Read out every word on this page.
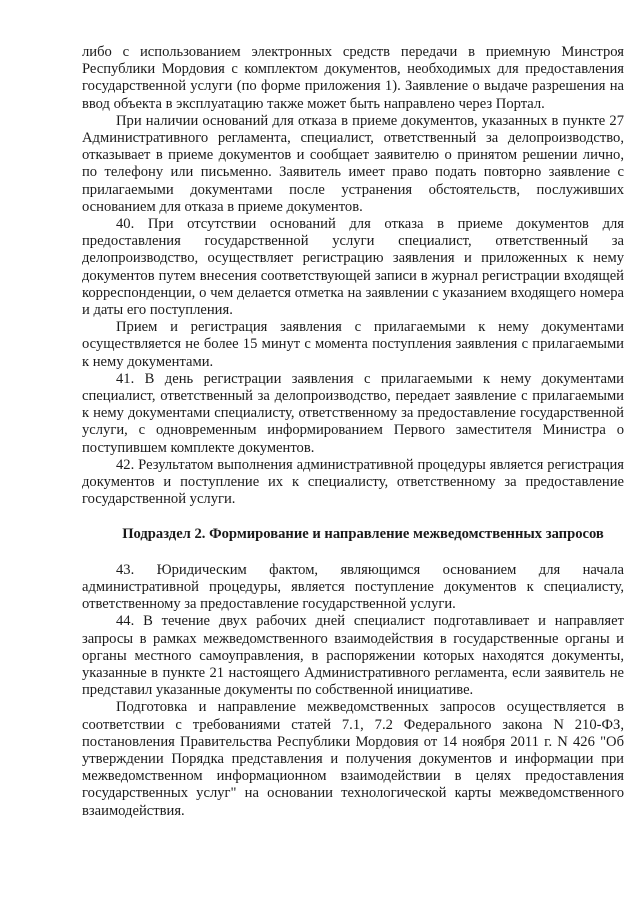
либо с использованием электронных средств передачи в приемную Минстроя Республики Мордовия с комплектом документов, необходимых для предоставления государственной услуги (по форме приложения 1). Заявление о выдаче разрешения на ввод объекта в эксплуатацию также может быть направлено через Портал.

При наличии оснований для отказа в приеме документов, указанных в пункте 27 Административного регламента, специалист, ответственный за делопроизводство, отказывает в приеме документов и сообщает заявителю о принятом решении лично, по телефону или письменно. Заявитель имеет право подать повторно заявление с прилагаемыми документами после устранения обстоятельств, послуживших основанием для отказа в приеме документов.

40. При отсутствии оснований для отказа в приеме документов для предоставления государственной услуги специалист, ответственный за делопроизводство, осуществляет регистрацию заявления и приложенных к нему документов путем внесения соответствующей записи в журнал регистрации входящей корреспонденции, о чем делается отметка на заявлении с указанием входящего номера и даты его поступления.

Прием и регистрация заявления с прилагаемыми к нему документами осуществляется не более 15 минут с момента поступления заявления с прилагаемыми к нему документами.

41. В день регистрации заявления с прилагаемыми к нему документами специалист, ответственный за делопроизводство, передает заявление с прилагаемыми к нему документами специалисту, ответственному за предоставление государственной услуги, с одновременным информированием Первого заместителя Министра о поступившем комплекте документов.

42. Результатом выполнения административной процедуры является регистрация документов и поступление их к специалисту, ответственному за предоставление государственной услуги.

Подраздел 2. Формирование и направление межведомственных запросов

43. Юридическим фактом, являющимся основанием для начала административной процедуры, является поступление документов к специалисту, ответственному за предоставление государственной услуги.

44. В течение двух рабочих дней специалист подготавливает и направляет запросы в рамках межведомственного взаимодействия в государственные органы и органы местного самоуправления, в распоряжении которых находятся документы, указанные в пункте 21 настоящего Административного регламента, если заявитель не представил указанные документы по собственной инициативе.

Подготовка и направление межведомственных запросов осуществляется в соответствии с требованиями статей 7.1, 7.2 Федерального закона N 210-ФЗ, постановления Правительства Республики Мордовия от 14 ноября 2011 г. N 426 "Об утверждении Порядка представления и получения документов и информации при межведомственном информационном взаимодействии в целях предоставления государственных услуг" на основании технологической карты межведомственного взаимодействия.
